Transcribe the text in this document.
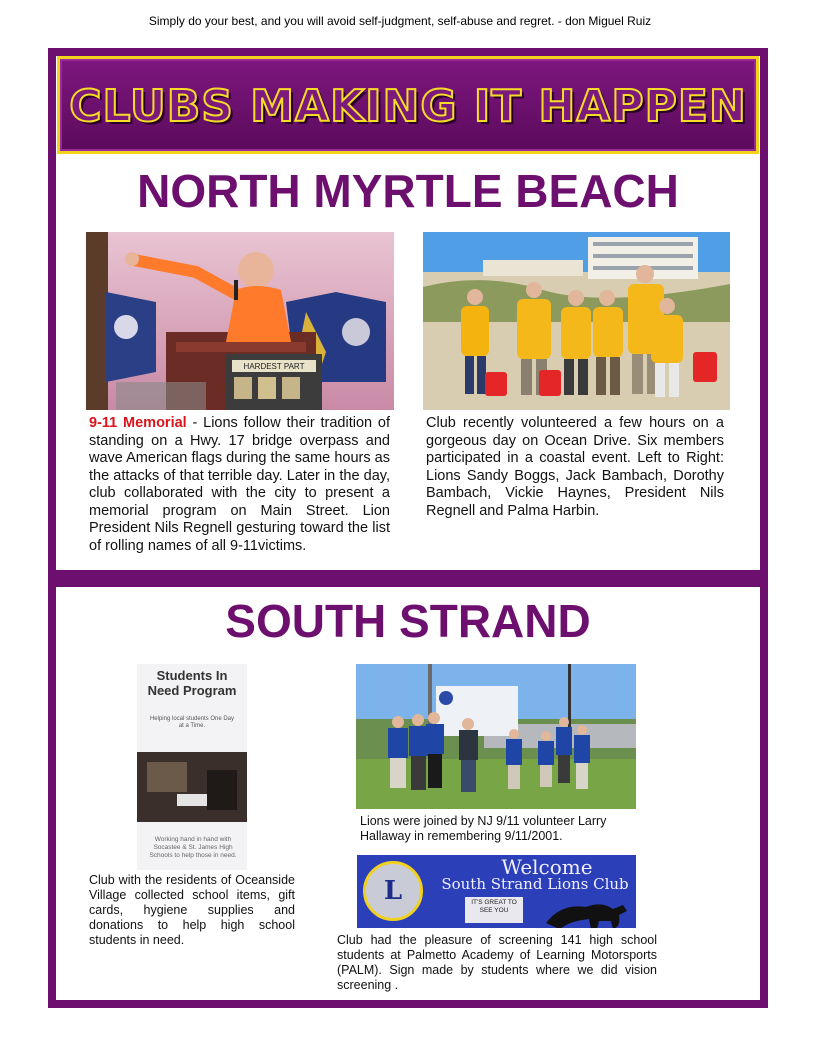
Simply do your best, and you will avoid self-judgment, self-abuse and regret. - don Miguel Ruiz
CLUBS MAKING IT HAPPEN
NORTH MYRTLE BEACH
HARDEST PART
9-11 Memorial - Lions follow their tradition of standing on a Hwy. 17 bridge overpass and wave American flags during the same hours as the attacks of that terrible day. Later in the day, club collaborated with the city to present a memorial program on Main Street. Lion President Nils Regnell gesturing toward the list of rolling names of all 9-11victims.
Club recently volunteered a few hours on a gorgeous day on Ocean Drive. Six members participated in a coastal event. Left to Right: Lions Sandy Boggs, Jack Bambach, Dorothy Bambach, Vickie Haynes, President Nils Regnell and Palma Harbin.
SOUTH STRAND
Students In Need Program
Helping local students One Day at a Time.
Working hand in hand with Socastee & St. James High Schools to help those in need.
Club with the residents of Oceanside Village collected school items, gift cards, hygiene supplies and donations to help high school students in need.
Lions were joined by NJ 9/11 volunteer Larry Hallaway in remembering 9/11/2001.
L
Welcome
South Strand Lions Club
IT'S GREAT TO SEE YOU
Club had the pleasure of screening 141 high school students at Palmetto Academy of Learning Motorsports (PALM). Sign made by students where we did vision screening .
